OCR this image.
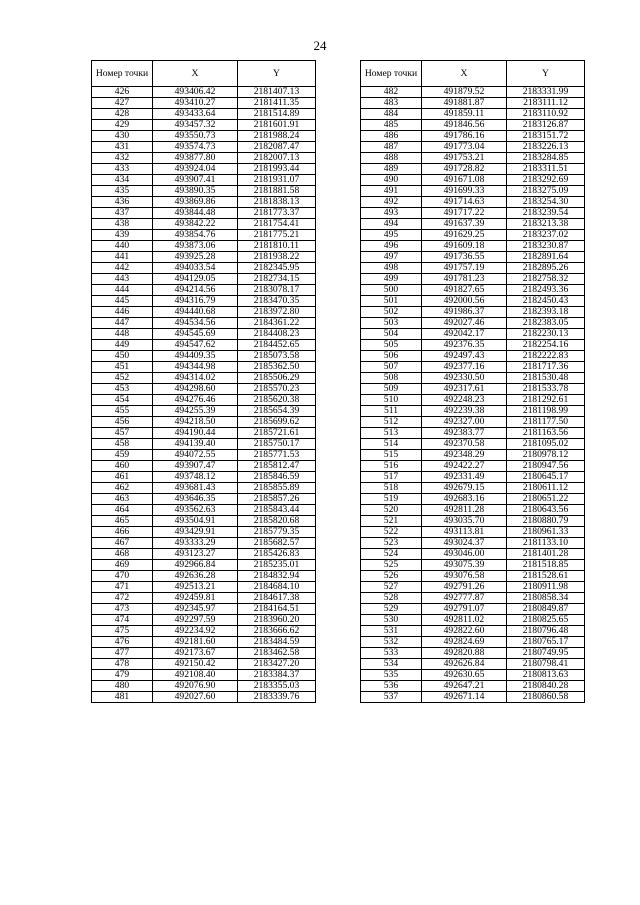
24
Номер точки	X	Y
426	493406.42	2181407.13
427	493410.27	2181411.35
428	493433.64	2181514.89
429	493457.32	2181601.91
430	493550.73	2181988.24
431	493574.73	2182087.47
432	493877.80	2182007.13
433	493924.04	2181993.44
434	493907.41	2181931.07
435	493890.35	2181881.58
436	493869.86	2181838.13
437	493844.48	2181773.37
438	493842.22	2181754.41
439	493854.76	2181775.21
440	493873.06	2181810.11
441	493925.28	2181938.22
442	494033.54	2182345.95
443	494129.05	2182734.15
444	494214.56	2183078.17
445	494316.79	2183470.35
446	494440.68	2183972.80
447	494534.56	2184361.22
448	494545.69	2184408.23
449	494547.62	2184452.65
450	494409.35	2185073.58
451	494344.98	2185362.50
452	494314.02	2185506.29
453	494298.60	2185570.23
454	494276.46	2185620.38
455	494255.39	2185654.39
456	494218.50	2185699.62
457	494190.44	2185721.61
458	494139.40	2185750.17
459	494072.55	2185771.53
460	493907.47	2185812.47
461	493748.12	2185846.59
462	493681.43	2185855.89
463	493646.35	2185857.26
464	493562.63	2185843.44
465	493504.91	2185820.68
466	493429.91	2185779.35
467	493333.29	2185682.57
468	493123.27	2185426.83
469	492966.84	2185235.01
470	492636.28	2184832.94
471	492513.21	2184684.10
472	492459.81	2184617.38
473	492345.97	2184164.51
474	492297.59	2183960.20
475	492234.92	2183666.62
476	492181.60	2183484.59
477	492173.67	2183462.58
478	492150.42	2183427.20
479	492108.40	2183384.37
480	492076.90	2183355.03
481	492027.60	2183339.76
Номер точки	X	Y
482	491879.52	2183331.99
483	491881.87	2183111.12
484	491859.11	2183110.92
485	491846.56	2183126.87
486	491786.16	2183151.72
487	491773.04	2183226.13
488	491753.21	2183284.85
489	491728.82	2183311.51
490	491671.08	2183292.69
491	491699.33	2183275.09
492	491714.63	2183254.30
493	491717.22	2183239.54
494	491637.39	2183213.38
495	491629.25	2183237.02
496	491609.18	2183230.87
497	491736.55	2182891.64
498	491757.19	2182895.26
499	491781.23	2182758.32
500	491827.65	2182493.36
501	492000.56	2182450.43
502	491986.37	2182393.18
503	492027.46	2182383.05
504	492042.17	2182230.13
505	492376.35	2182254.16
506	492497.43	2182222.83
507	492377.16	2181717.36
508	492330.50	2181530.48
509	492317.61	2181533.78
510	492248.23	2181292.61
511	492239.38	2181198.99
512	492327.00	2181177.50
513	492383.77	2181163.56
514	492370.58	2181095.02
515	492348.29	2180978.12
516	492422.27	2180947.56
517	492331.49	2180645.17
518	492679.15	2180611.12
519	492683.16	2180651.22
520	492811.28	2180643.56
521	493035.70	2180880.79
522	493113.81	2180961.33
523	493024.37	2181133.10
524	493046.00	2181401.28
525	493075.39	2181518.85
526	493076.58	2181528.61
527	492791.26	2180911.98
528	492777.87	2180858.34
529	492791.07	2180849.87
530	492811.02	2180825.65
531	492822.60	2180796.48
532	492824.69	2180765.17
533	492820.88	2180749.95
534	492626.84	2180798.41
535	492630.65	2180813.63
536	492647.21	2180840.28
537	492671.14	2180860.58
